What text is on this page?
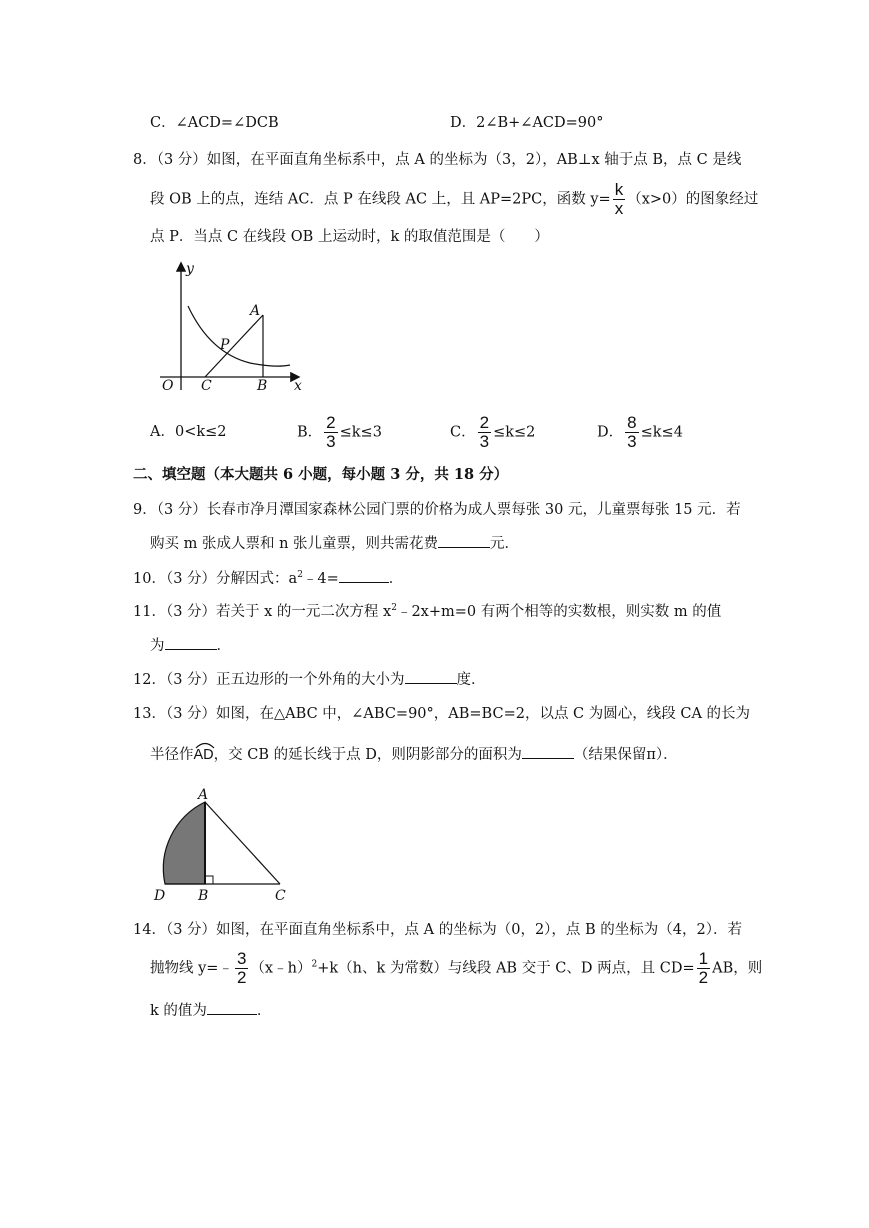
C．∠ACD=∠DCB	D．2∠B+∠ACD=90°
8．（3 分）如图，在平面直角坐标系中，点 A 的坐标为（3，2），AB⊥x 轴于点 B，点 C 是线
段 OB 上的点，连结 AC．点 P 在线段 AC 上，且 AP=2PC，函数 $y= \frac{k}{x} (x>0)$的图象经过
点 P．当点 C 在线段 OB 上运动时，k 的取值范围是（　　）
y
x
O C	B
A
P
A．0<k≤2	B． $\frac{2}{3} \le k\le 3$	C． $\frac{2}{3} \le k\le 2$	D． $\frac{8}{3} \le k\le 4$
二、填空题（本大题共 6 小题，每小题 3 分，共 18 分）
9．（3 分）长春市净月潭国家森林公园门票的价格为成人票每张 30 元，儿童票每张 15 元．若
购买 m 张成人票和 n 张儿童票，则共需花费	元．
10．（3 分）分解因式：$a^2﹣4=$	．
11．（3 分）若关于 x 的一元二次方程 $x^2﹣2x+m=0$ 有两个相等的实数根，则实数 m 的值
为	．
12．（3 分）正五边形的一个外角的大小为	度．
13．（3 分）如图，在△ABC 中，∠ABC=90°，AB=BC=2，以点 C 为圆心，线段 CA 的长为
半径作
AD，交 CB 的延长线于点 D，则阴影部分的面积为	（结果保留π）．
A
D B	C
14．（3 分）如图，在平面直角坐标系中，点 A 的坐标为（0，2），点 B 的坐标为（4，2）．若
抛物线 y=﹣ $\frac{3}{2}$ （x﹣h）$^2$+k（h、k 为常数）与线段 AB 交于 C、D 两点，且 $CD= \frac{1}{2}$ AB，则
k 的值为	．
